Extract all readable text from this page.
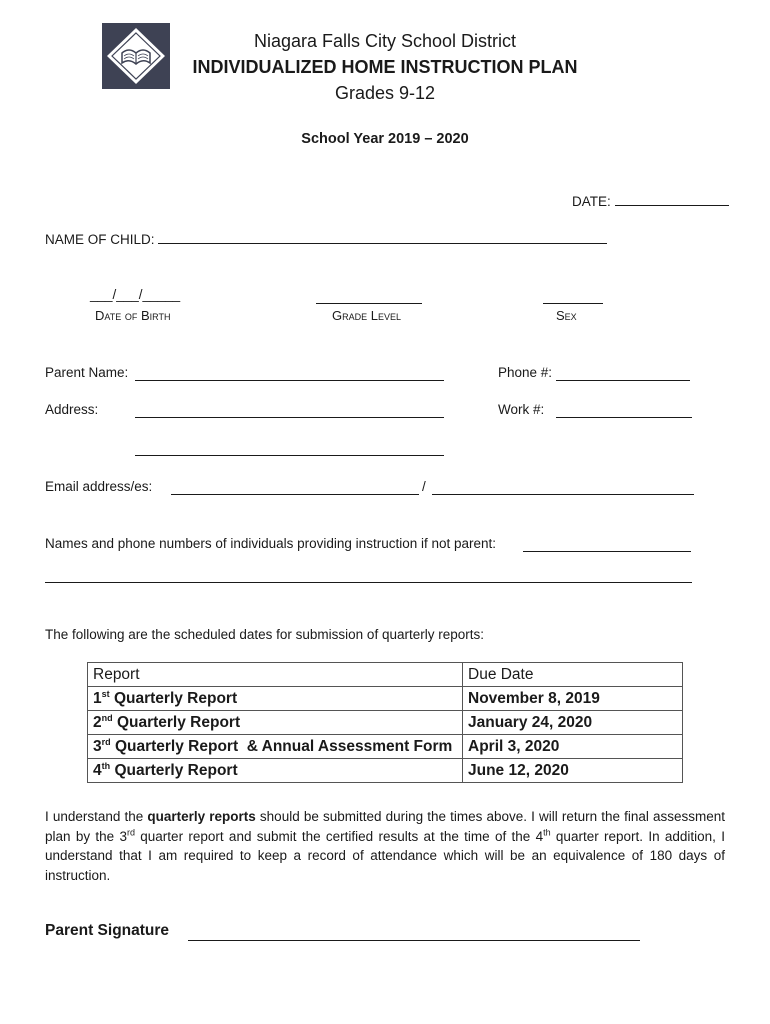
Niagara Falls City School District
INDIVIDUALIZED HOME INSTRUCTION PLAN
Grades 9-12
School Year 2019 – 2020
DATE:
NAME OF CHILD:
___/___/_____
Date of Birth	Grade Level	Sex
Parent Name:	Phone #:
Address:	Work #:
Email address/es:	/
Names and phone numbers of individuals providing instruction if not parent:
The following are the scheduled dates for submission of quarterly reports:
Report	Due Date
1st Quarterly Report	November 8, 2019
2nd Quarterly Report	January 24, 2020
3rd Quarterly Report  & Annual Assessment Form	April 3, 2020
4th Quarterly Report	June 12, 2020
I understand the quarterly reports should be submitted during the times above. I will return the final assessment plan by the 3rd quarter report and submit the certified results at the time of the 4th quarter report. In addition, I understand that I am required to keep a record of attendance which will be an equivalence of 180 days of instruction.
Parent Signature
